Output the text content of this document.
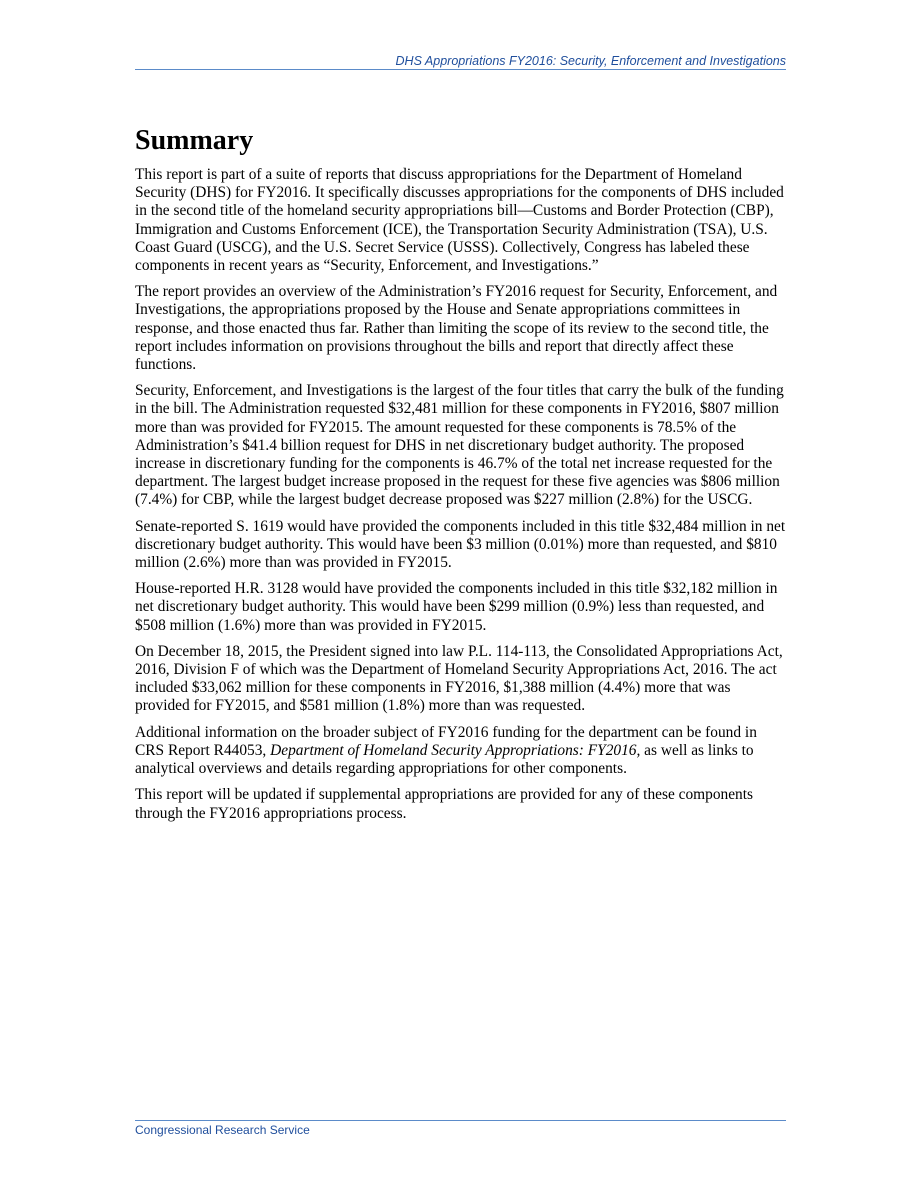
DHS Appropriations FY2016: Security, Enforcement and Investigations
Summary

This report is part of a suite of reports that discuss appropriations for the Department of Homeland Security (DHS) for FY2016. It specifically discusses appropriations for the components of DHS included in the second title of the homeland security appropriations bill—Customs and Border Protection (CBP), Immigration and Customs Enforcement (ICE), the Transportation Security Administration (TSA), U.S. Coast Guard (USCG), and the U.S. Secret Service (USSS). Collectively, Congress has labeled these components in recent years as “Security, Enforcement, and Investigations.”

The report provides an overview of the Administration’s FY2016 request for Security, Enforcement, and Investigations, the appropriations proposed by the House and Senate appropriations committees in response, and those enacted thus far. Rather than limiting the scope of its review to the second title, the report includes information on provisions throughout the bills and report that directly affect these functions.

Security, Enforcement, and Investigations is the largest of the four titles that carry the bulk of the funding in the bill. The Administration requested $32,481 million for these components in FY2016, $807 million more than was provided for FY2015. The amount requested for these components is 78.5% of the Administration’s $41.4 billion request for DHS in net discretionary budget authority. The proposed increase in discretionary funding for the components is 46.7% of the total net increase requested for the department. The largest budget increase proposed in the request for these five agencies was $806 million (7.4%) for CBP, while the largest budget decrease proposed was $227 million (2.8%) for the USCG.

Senate-reported S. 1619 would have provided the components included in this title $32,484 million in net discretionary budget authority. This would have been $3 million (0.01%) more than requested, and $810 million (2.6%) more than was provided in FY2015.

House-reported H.R. 3128 would have provided the components included in this title $32,182 million in net discretionary budget authority. This would have been $299 million (0.9%) less than requested, and $508 million (1.6%) more than was provided in FY2015.

On December 18, 2015, the President signed into law P.L. 114-113, the Consolidated Appropriations Act, 2016, Division F of which was the Department of Homeland Security Appropriations Act, 2016. The act included $33,062 million for these components in FY2016, $1,388 million (4.4%) more that was provided for FY2015, and $581 million (1.8%) more than was requested.

Additional information on the broader subject of FY2016 funding for the department can be found in CRS Report R44053, Department of Homeland Security Appropriations: FY2016, as well as links to analytical overviews and details regarding appropriations for other components.

This report will be updated if supplemental appropriations are provided for any of these components through the FY2016 appropriations process.

Congressional Research Service
